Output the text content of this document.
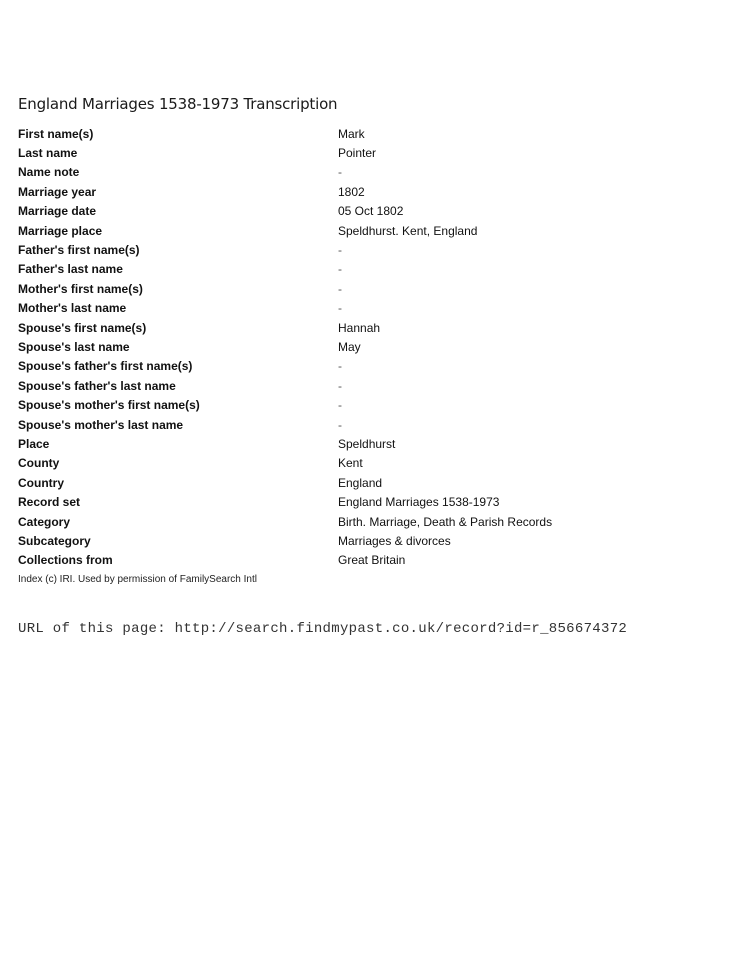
England Marriages 1538-1973 Transcription
First name(s)	Mark
Last name	Pointer
Name note	-
Marriage year	1802
Marriage date	05 Oct 1802
Marriage place	Speldhurst. Kent, England
Father's first name(s)	-
Father's last name	-
Mother's first name(s)	-
Mother's last name	-
Spouse's first name(s)	Hannah
Spouse's last name	May
Spouse's father's first name(s)	-
Spouse's father's last name	-
Spouse's mother's first name(s)	-
Spouse's mother's last name	-
Place	Speldhurst
County	Kent
Country	England
Record set	England Marriages 1538-1973
Category	Birth. Marriage, Death & Parish Records
Subcategory	Marriages & divorces
Collections from	Great Britain
Index (c) IRI. Used by permission of FamilySearch Intl
URL of this page: http://search.findmypast.co.uk/record?id=r_856674372
